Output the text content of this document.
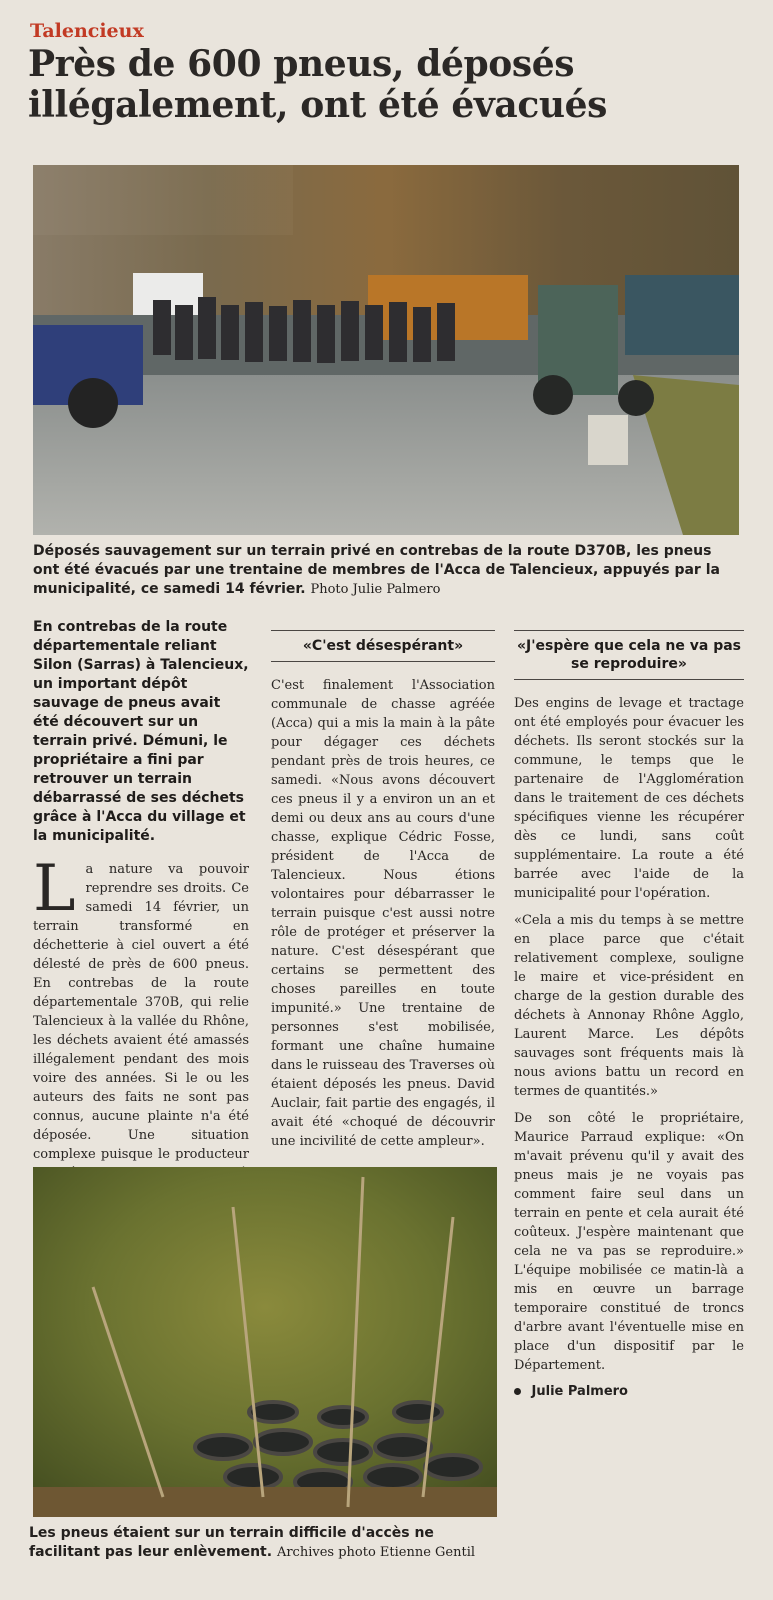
Talencieux
Près de 600 pneus, déposés
illégalement, ont été évacués
Déposés sauvagement sur un terrain privé en contrebas de la route D370B, les pneus ont été évacués par une trentaine de membres de l'Acca de Talencieux, appuyés par la municipalité, ce samedi 14 février. Photo Julie Palmero

En contrebas de la route départementale reliant Silon (Sarras) à Talencieux, un important dépôt sauvage de pneus avait été découvert sur un terrain privé. Démuni, le propriétaire a fini par retrouver un terrain débarrassé de ses déchets grâce à l'Acca du village et la municipalité.

L a nature va pouvoir reprendre ses droits. Ce samedi 14 février, un terrain transformé en déchetterie à ciel ouvert a été délesté de près de 600 pneus. En contrebas de la route départementale 370B, qui relie Talencieux à la vallée du Rhône, les déchets avaient été amassés illégalement pendant des mois voire des années. Si le ou les auteurs des faits ne sont pas connus, aucune plainte n'a été déposée. Une situation complexe puisque le producteur

«C'est désespérant»

C'est finalement l'Association communale de chasse agréée (Acca) qui a mis la main à la pâte pour dégager ces déchets pendant près de trois heures, ce samedi. «Nous avons découvert ces pneus il y a environ un an et demi ou deux ans au cours d'une chasse, explique Cédric Fosse, président de l'Acca de Talencieux. Nous étions volontaires pour débarrasser le terrain puisque c'est aussi notre rôle de protéger et préserver la nature. C'est désespérant que certains se permettent des choses pareilles en toute impunité.» Une trentaine de personnes s'est mobilisée, formant une chaîne humaine dans le ruisseau des Traverses où étaient déposés les pneus. David Auclair, fait partie des engagés, il avait été «choqué de découvrir une incivilité de cette ampleur».

«J'espère que cela ne va pas se reproduire»

Des engins de levage et tractage ont été employés pour évacuer les déchets. Ils seront stockés sur la commune, le temps que le partenaire de l'Agglomération dans le traitement de ces déchets spécifiques vienne les récupérer dès ce lundi, sans coût supplémentaire. La route a été barrée avec l'aide de la municipalité pour l'opération.

«Cela a mis du temps à se mettre en place parce que c'était relativement complexe, souligne le maire et vice-président en charge de la gestion durable des déchets à Annonay Rhône Agglo, Laurent Marce. Les dépôts sauvages sont fréquents mais là nous avions battu un record en termes de quantités.»

De son côté le propriétaire, Maurice Parraud explique: «On m'avait prévenu qu'il y avait des pneus mais je ne voyais pas comment faire seul dans un terrain en pente et cela aurait été coûteux. J'espère maintenant que cela ne va pas se reproduire.» L'équipe mobilisée ce matin-là a mis en œuvre un barrage temporaire constitué de troncs d'arbre avant l'éventuelle mise en place d'un dispositif par le Département.

Julie Palmero
Les pneus étaient sur un terrain difficile d'accès ne facilitant pas leur enlèvement. Archives photo Etienne Gentil
